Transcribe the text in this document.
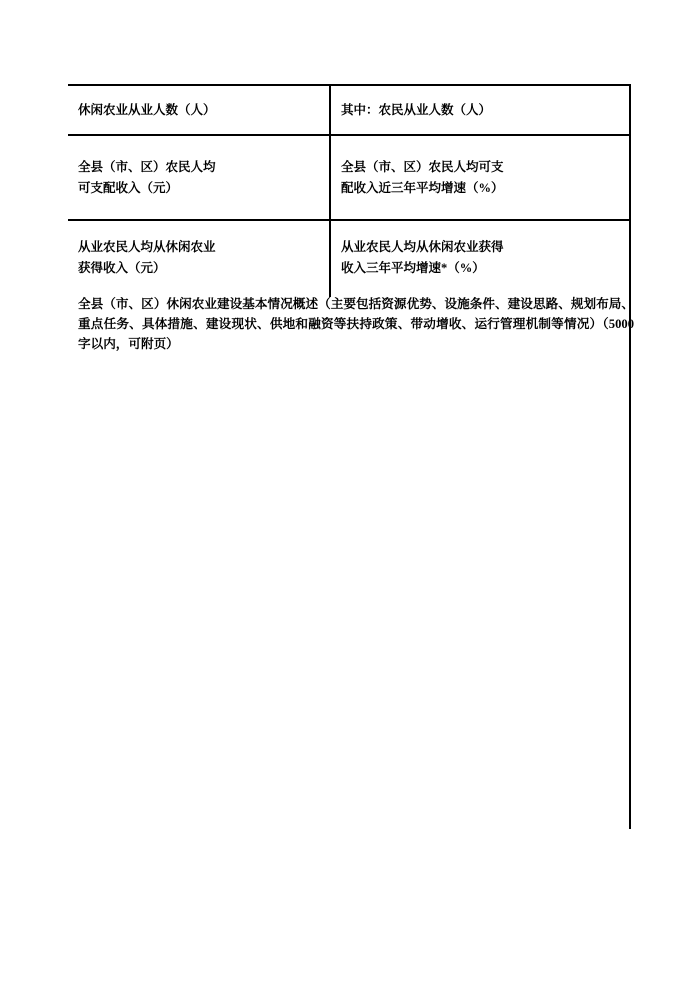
休闲农业从业人数（人）	其中：农民从业人数（人）
全县（市、区）农民人均
可支配收入（元）
全县（市、区）农民人均可支
配收入近三年平均增速（%）
从业农民人均从休闲农业
获得收入（元）
从业农民人均从休闲农业获得
收入三年平均增速*（%）
全县（市、区）休闲农业建设基本情况概述（主要包括资源优势、设施条件、建设思路、规划布局、重点任务、具体措施、建设现状、供地和融资等扶持政策、带动增收、运行管理机制等情况）（5000字以内，可附页）
